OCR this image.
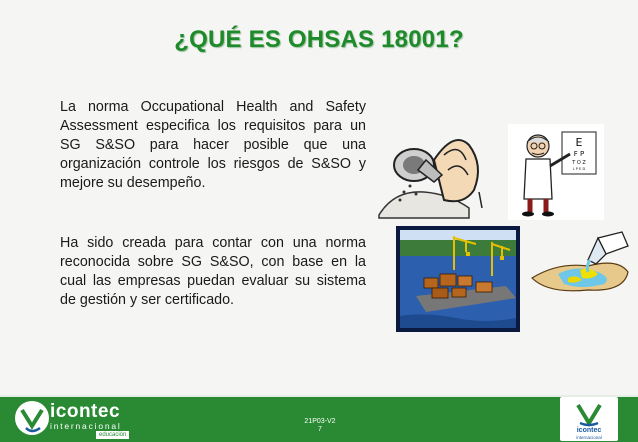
¿QUÉ ES OHSAS 18001?

La norma Occupational Health and Safety Assessment especifica los requisitos para un SG S&SO para hacer posible que una organización controle los riesgos de S&SO y mejore su desempeño.

Ha sido creada para contar con una norma reconocida sobre SG S&SO, con base en la cual las empresas puedan evaluar su sistema de gestión y ser certificado.

E
F P
T O Z
L P E D
icontec
internacional
educación
21P03-V2
7	icontec
internacional
